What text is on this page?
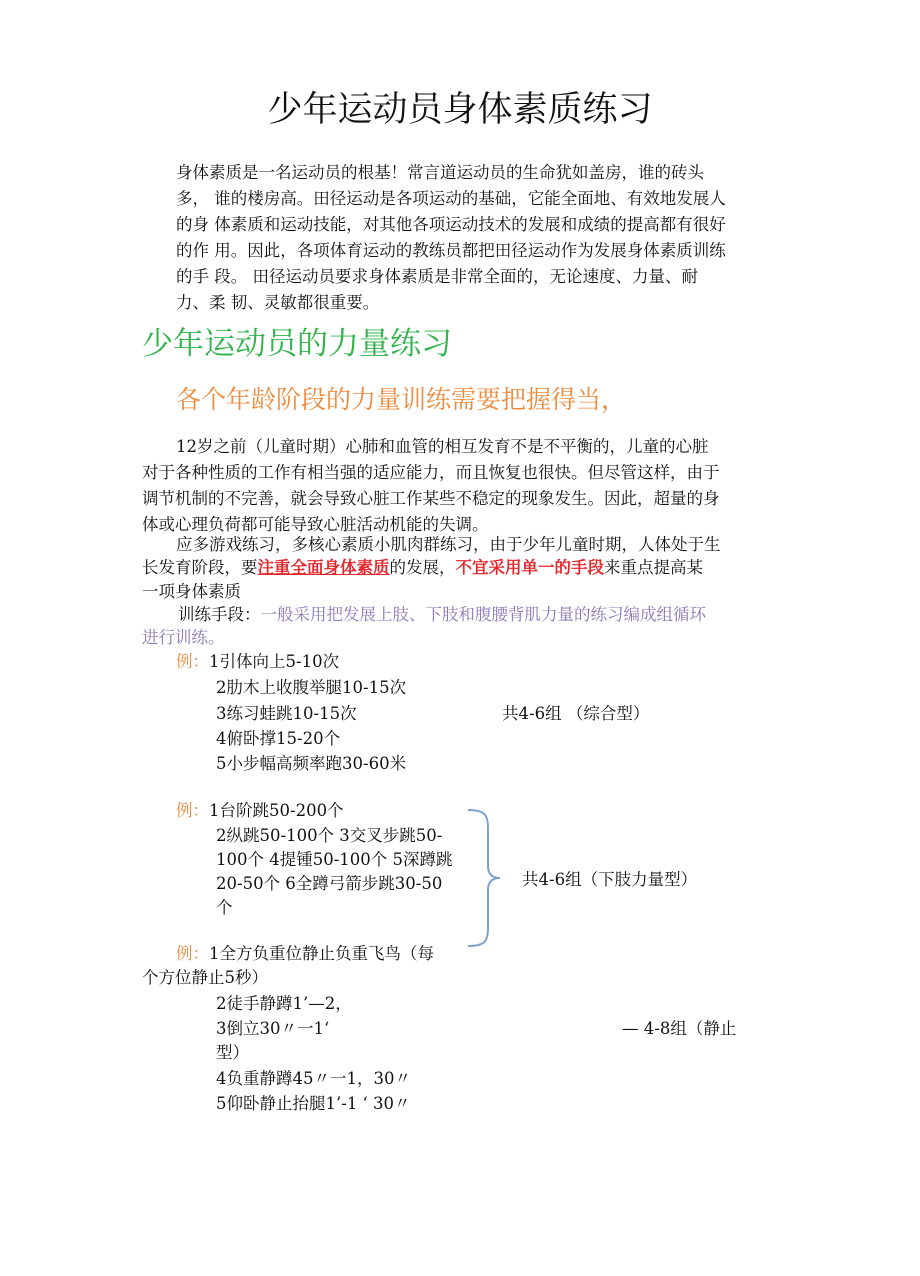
少年运动员身体素质练习
身体素质是一名运动员的根基！常言道运动员的生命犹如盖房，谁的砖头
多， 谁的楼房高。田径运动是各项运动的基础，它能全面地、有效地发展人
的身 体素质和运动技能，对其他各项运动技术的发展和成绩的提高都有很好
的作 用。因此，各项体育运动的教练员都把田径运动作为发展身体素质训练
的手 段。 田径运动员要求身体素质是非常全面的，无论速度、力量、耐
力、柔 韧、灵敏都很重要。
少年运动员的力量练习
各个年龄阶段的力量训练需要把握得当，
12岁之前（儿童时期）心肺和血管的相互发育不是不平衡的，儿童的心脏
对于各种性质的工作有相当强的适应能力，而且恢复也很快。但尽管这样，由于
调节机制的不完善，就会导致心脏工作某些不稳定的现象发生。因此，超量的身
体或心理负荷都可能导致心脏活动机能的失调。
应多游戏练习，多核心素质小肌肉群练习，由于少年儿童时期，人体处于生
长发育阶段，要注重全面身体素质的发展，不宜采用单一的手段来重点提高某
一项身体素质
训练手段：一般采用把发展上肢、下肢和腹腰背肌力量的练习编成组循环
进行训练。
例：1引体向上5-10次
2肋木上收腹举腿10-15次
3练习蛙跳10-15次
4俯卧撑15-20个
5小步幅高频率跑30-60米
共4-6组 （综合型）
例：1台阶跳50-200个
2纵跳50-100个 3交叉步跳50-
100个 4提锺50-100个 5深蹲跳
20-50个 6全蹲弓箭步跳30-50
个
共4-6组（下肢力量型）
例：1全方负重位静止负重飞鸟（每
个方位静止5秒）
2徒手静蹲1’—2，
3倒立30〃一1‘
型）
4负重静蹲45〃一1，30〃
5仰卧静止抬腿1’-1 ‘ 30〃
— 4-8组（静止
